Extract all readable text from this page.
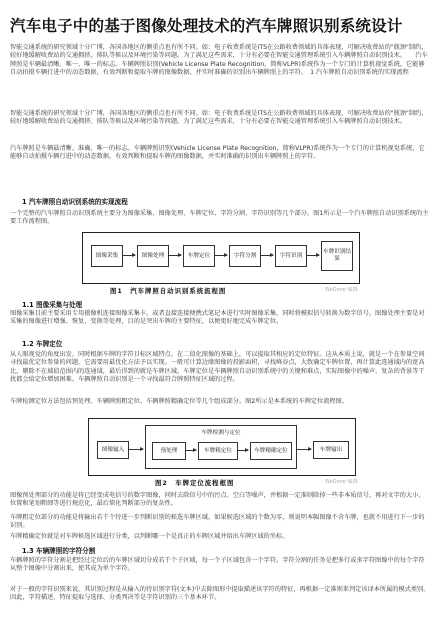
汽车电子中的基于图像处理技术的汽车牌照识别系统设计

智能交通系统的研究领域十分广博，各国各地区的侧重点也有所不同。如：电子收费系统是ITS在公路收费领域的具体表现，可解决收费站的"瓶颈"制约，较好地缓解收费站的交通拥挤、排队等候以及环境污染等问题。为了满足这些需求，十分有必要在智能交通管理系统引入车辆牌照自动识别技术。　　汽车牌照是车辆最清晰、唯一、唯一的标志。车辆牌照识别(Vehicle License Plate Recognition，简称VLPR)系统作为一个专门的计算机视觉系统，它能够自动拍摄车辆行进中的动态数据，有效判断和提取车牌的图像数据，并实时准确的识别出车辆牌照上的字符。　1 汽车牌照自动识别系统的实现流程

智能交通系统的研究领域十分广博，各国各地区的侧重点也有所不同。如：电子收费系统是ITS在公路收费领域的具体表现，可解决收费站的"瓶颈"制约，较好地缓解收费站的交通拥挤、排队等候以及环境污染等问题。为了满足这些需求，十分有必要在智能交通管理系统引入车辆牌照自动识别技术。

汽车牌照是车辆最清晰、准确、唯一的标志。车辆牌照识别(Vehicle License Plate Recognition，简称VLPR)系统作为一个专门的计算机视觉系统，它能够自动拍摄车辆行进中的动态数据，有效判断和提取车牌的图像数据，并实时准确的识别出车辆牌照上的字符。

1 汽车牌照自动识别系统的实现流程

一个完整的汽车牌照自动识别系统主要分为图像采集、图像处理、车牌定位、字符分割、字符识别等几个部分。图1所示是一个汽车牌照自动识别系统的主要工作流程图。

图像采集	图像处理	车牌定位	字符分割	字符识别
车牌识别结果
图1　汽车牌照自动识别系统流程图	WeDone 编撰
1.1 图像采集与处理

图像采集目前主要采用专用摄像机连接图像采集卡，或者直接连接便携式笔记本进行实时图像采集，同时将模拟信号转换为数字信号。图像处理主要是对采集的图像进行增强、恢复、变换等处理，目的是突出车牌的主要特征，以便更好地完成车牌定位。

1.2 车牌定位

从人眼视觉的角度出发，同时根据车牌的字符目标区域特点，在二值化图像的基础上，可以提取其相应的定位特征。这从本质上说，就是一个在参量空间寻找最优定位参量的问题，它需要用最优化方法予以实现。一般可计算边缘图像的投影面积，寻找峰谷点，大致确定车牌位置，再计算此连通域内的宽高比，剔除不在域值范围内的连通域，最后得到的就是车牌区域。车牌定位是车辆牌照自动识别系统中的关键和难点，实际图像中的噪声、复杂的背景等干扰都会给定位增加困难。车辆牌照自动识别是一个寻找最符合牌照特征区域的过程。

车牌检测定位方法包括预处理、车辆牌照粗定位、车辆牌照精确定位等几个组成部分。图2所示是本系统的车牌定位流程图。

图像输入
车牌检测与定位
预处理	车牌粗定位	车牌精确定位	车牌输出
图2　车牌定位流程框图	WeDone 编撰

图像预处理部分的功能是将已经变成电信号的数字图像，同时去除信号中的污点、空白等噪声，并根据一定准则除掉一些非本质信号，再对文字的大小、位置和笔划粗细等进行规范化，最后简化判断部分的复杂性。

车牌粗定位部分的功能是将输出若干个待进一步判断识别的候选车牌区域，如果候选区域的个数为零，则说明本幅图像不含车牌，也就不用进行下一步的识别。

车牌精确定位就是对车牌候选区域进行分类，以判断哪一个是真正的车牌区域并给出车牌区域的坐标。

1.3 车辆牌照的字符分割

车辆牌照的字符分割是把经过定位后的车牌区域切分成若干个子区域，每一个子区域包含一个字符。字符分割的任务是把多行或多字符图像中的每个字符从整个图像中分割出来，使其成为单个字符。

对于一般的字符识别来说，其识别过程是从输入的待识别字符(文本)中去除图形中提取描述该字符的特征，再根据一定准则来判定该译本所属的模式类别。因此，字符描述、特征提取与选择、分类判决等是字符识别的三个基本环节。
